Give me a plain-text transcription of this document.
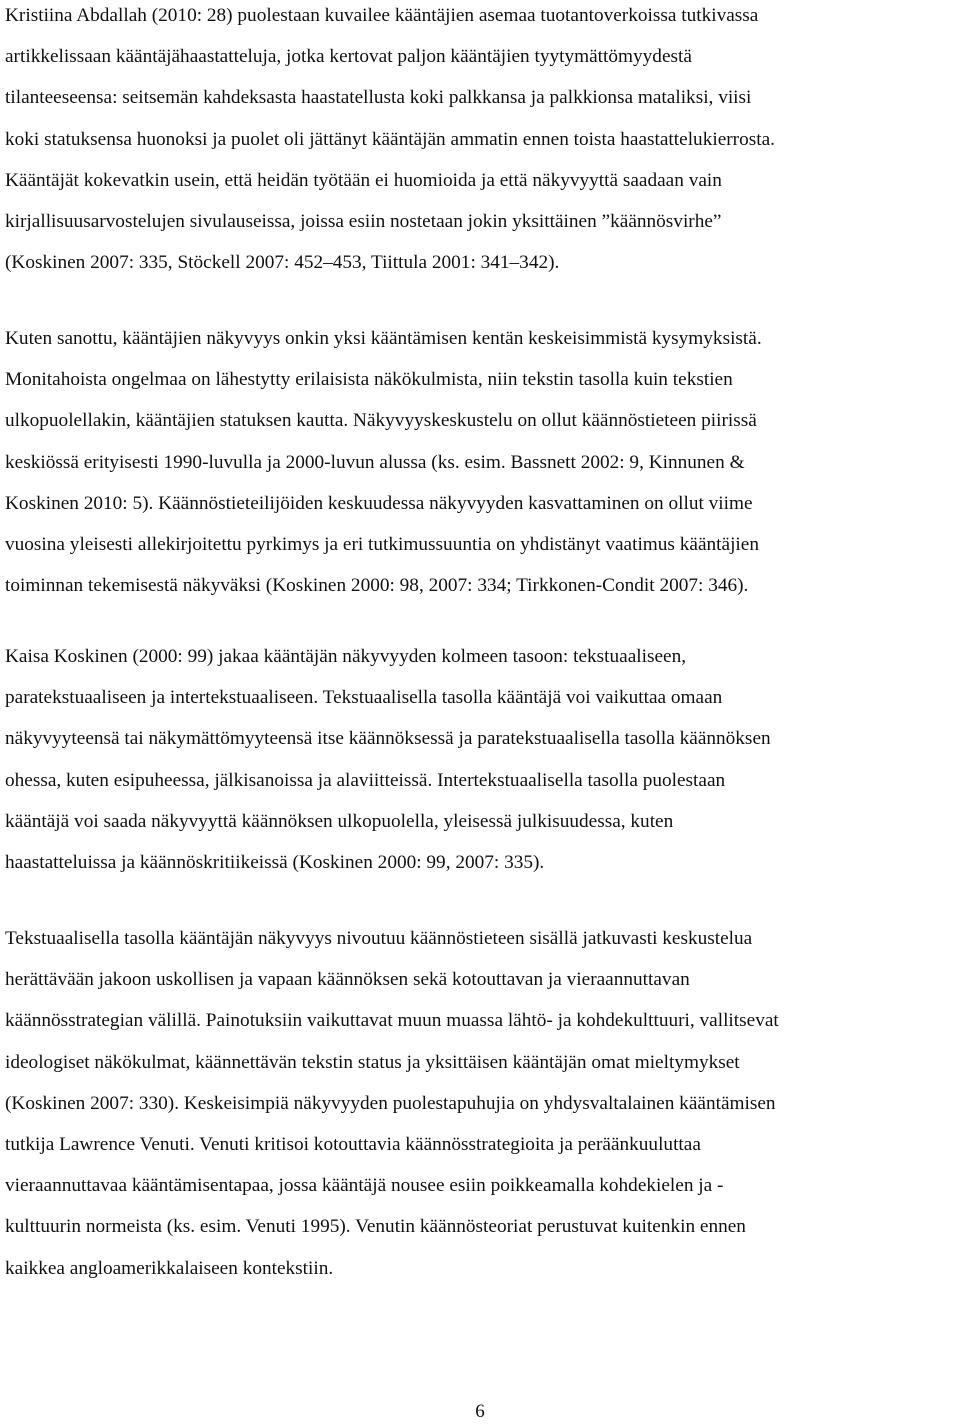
Kristiina Abdallah (2010: 28) puolestaan kuvailee kääntäjien asemaa tuotantoverkoissa tutkivassa
artikkelissaan kääntäjähaastatteluja, jotka kertovat paljon kääntäjien tyytymättömyydestä
tilanteeseensa: seitsemän kahdeksasta haastatellusta koki palkkansa ja palkkionsa mataliksi, viisi
koki statuksensa huonoksi ja puolet oli jättänyt kääntäjän ammatin ennen toista haastattelukierrosta.
Kääntäjät kokevatkin usein, että heidän työtään ei huomioida ja että näkyvyyttä saadaan vain
kirjallisuusarvostelujen sivulauseissa, joissa esiin nostetaan jokin yksittäinen ”käännösvirhe”
(Koskinen 2007: 335, Stöckell 2007: 452–453, Tiittula 2001: 341–342).

Kuten sanottu, kääntäjien näkyvyys onkin yksi kääntämisen kentän keskeisimmistä kysymyksistä.
Monitahoista ongelmaa on lähestytty erilaisista näkökulmista, niin tekstin tasolla kuin tekstien
ulkopuolellakin, kääntäjien statuksen kautta. Näkyvyyskeskustelu on ollut käännöstieteen piirissä
keskiössä erityisesti 1990-luvulla ja 2000-luvun alussa (ks. esim. Bassnett 2002: 9, Kinnunen &
Koskinen 2010: 5). Käännöstieteilijöiden keskuudessa näkyvyyden kasvattaminen on ollut viime
vuosina yleisesti allekirjoitettu pyrkimys ja eri tutkimussuuntia on yhdistänyt vaatimus kääntäjien
toiminnan tekemisestä näkyväksi (Koskinen 2000: 98, 2007: 334; Tirkkonen-Condit 2007: 346).

Kaisa Koskinen (2000: 99) jakaa kääntäjän näkyvyyden kolmeen tasoon: tekstuaaliseen,
paratekstuaaliseen ja intertekstuaaliseen. Tekstuaalisella tasolla kääntäjä voi vaikuttaa omaan
näkyvyyteensä tai näkymättömyyteensä itse käännöksessä ja paratekstuaalisella tasolla käännöksen
ohessa, kuten esipuheessa, jälkisanoissa ja alaviitteissä. Intertekstuaalisella tasolla puolestaan
kääntäjä voi saada näkyvyyttä käännöksen ulkopuolella, yleisessä julkisuudessa, kuten
haastatteluissa ja käännöskritiikeissä (Koskinen 2000: 99, 2007: 335).

Tekstuaalisella tasolla kääntäjän näkyvyys nivoutuu käännöstieteen sisällä jatkuvasti keskustelua
herättävään jakoon uskollisen ja vapaan käännöksen sekä kotouttavan ja vieraannuttavan
käännösstrategian välillä. Painotuksiin vaikuttavat muun muassa lähtö- ja kohdekulttuuri, vallitsevat
ideologiset näkökulmat, käännettävän tekstin status ja yksittäisen kääntäjän omat mieltymykset
(Koskinen 2007: 330). Keskeisimpiä näkyvyyden puolestapuhujia on yhdysvaltalainen kääntämisen
tutkija Lawrence Venuti. Venuti kritisoi kotouttavia käännösstrategioita ja peräänkuuluttaa
vieraannuttavaa kääntämisentapaa, jossa kääntäjä nousee esiin poikkeamalla kohdekielen ja -
kulttuurin normeista (ks. esim. Venuti 1995). Venutin käännösteoriat perustuvat kuitenkin ennen
kaikkea angloamerikkalaiseen kontekstiin.

6
